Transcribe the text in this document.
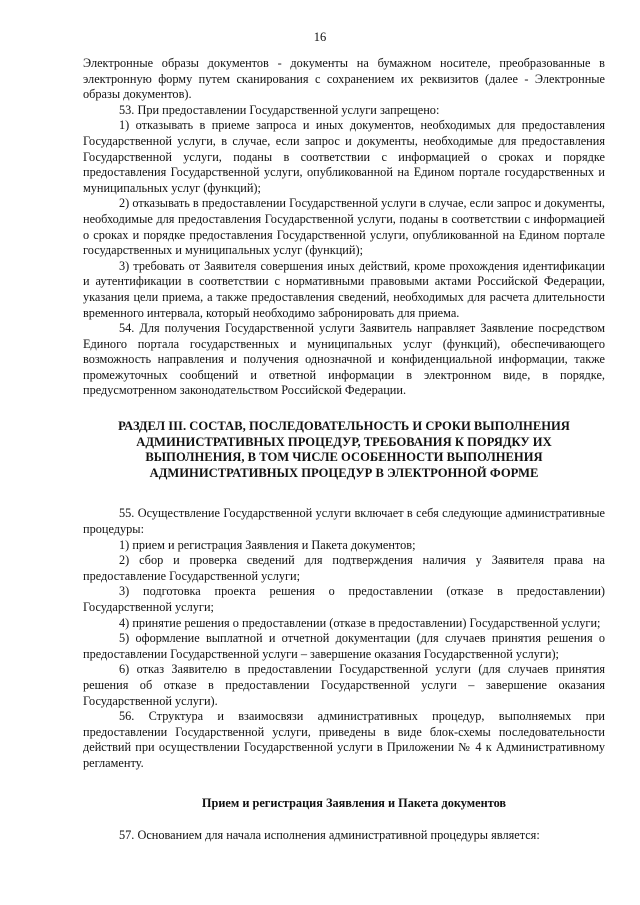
16

Электронные образы документов - документы на бумажном носителе, преобразованные в электронную форму путем сканирования с сохранением их реквизитов (далее - Электронные образы документов).

53. При предоставлении Государственной услуги запрещено:

1) отказывать в приеме запроса и иных документов, необходимых для предоставления Государственной услуги, в случае, если запрос и документы, необходимые для предоставления Государственной услуги, поданы в соответствии с информацией о сроках и порядке предоставления Государственной услуги, опубликованной на Едином портале государственных и муниципальных услуг (функций);

2) отказывать в предоставлении Государственной услуги в случае, если запрос и документы, необходимые для предоставления Государственной услуги, поданы в соответствии с информацией о сроках и порядке предоставления Государственной услуги, опубликованной на Едином портале государственных и муниципальных услуг (функций);

3) требовать от Заявителя совершения иных действий, кроме прохождения идентификации и аутентификации в соответствии с нормативными правовыми актами Российской Федерации, указания цели приема, а также предоставления сведений, необходимых для расчета длительности временного интервала, который необходимо забронировать для приема.

54. Для получения Государственной услуги Заявитель направляет Заявление посредством Единого портала государственных и муниципальных услуг (функций), обеспечивающего возможность направления и получения однозначной и конфиденциальной информации, также промежуточных сообщений и ответной информации в электронном виде, в порядке, предусмотренном законодательством Российской Федерации.

РАЗДЕЛ III. СОСТАВ, ПОСЛЕДОВАТЕЛЬНОСТЬ И СРОКИ ВЫПОЛНЕНИЯ АДМИНИСТРАТИВНЫХ ПРОЦЕДУР, ТРЕБОВАНИЯ К ПОРЯДКУ ИХ ВЫПОЛНЕНИЯ, В ТОМ ЧИСЛЕ ОСОБЕННОСТИ ВЫПОЛНЕНИЯ АДМИНИСТРАТИВНЫХ ПРОЦЕДУР В ЭЛЕКТРОННОЙ ФОРМЕ

55. Осуществление Государственной услуги включает в себя следующие административные процедуры:

1) прием и регистрация Заявления и Пакета документов;

2) сбор и проверка сведений для подтверждения наличия у Заявителя права на предоставление Государственной услуги;

3) подготовка проекта решения о предоставлении (отказе в предоставлении) Государственной услуги;

4) принятие решения о предоставлении (отказе в предоставлении) Государственной услуги;

5) оформление выплатной и отчетной документации (для случаев принятия решения о предоставлении Государственной услуги – завершение оказания Государственной услуги);

6) отказ Заявителю в предоставлении Государственной услуги (для случаев принятия решения об отказе в предоставлении Государственной услуги – завершение оказания Государственной услуги).

56. Структура и взаимосвязи административных процедур, выполняемых при предоставлении Государственной услуги, приведены в виде блок-схемы последовательности действий при осуществлении Государственной услуги в Приложении № 4 к Административному регламенту.

Прием и регистрация Заявления и Пакета документов

57. Основанием для начала исполнения административной процедуры является:
